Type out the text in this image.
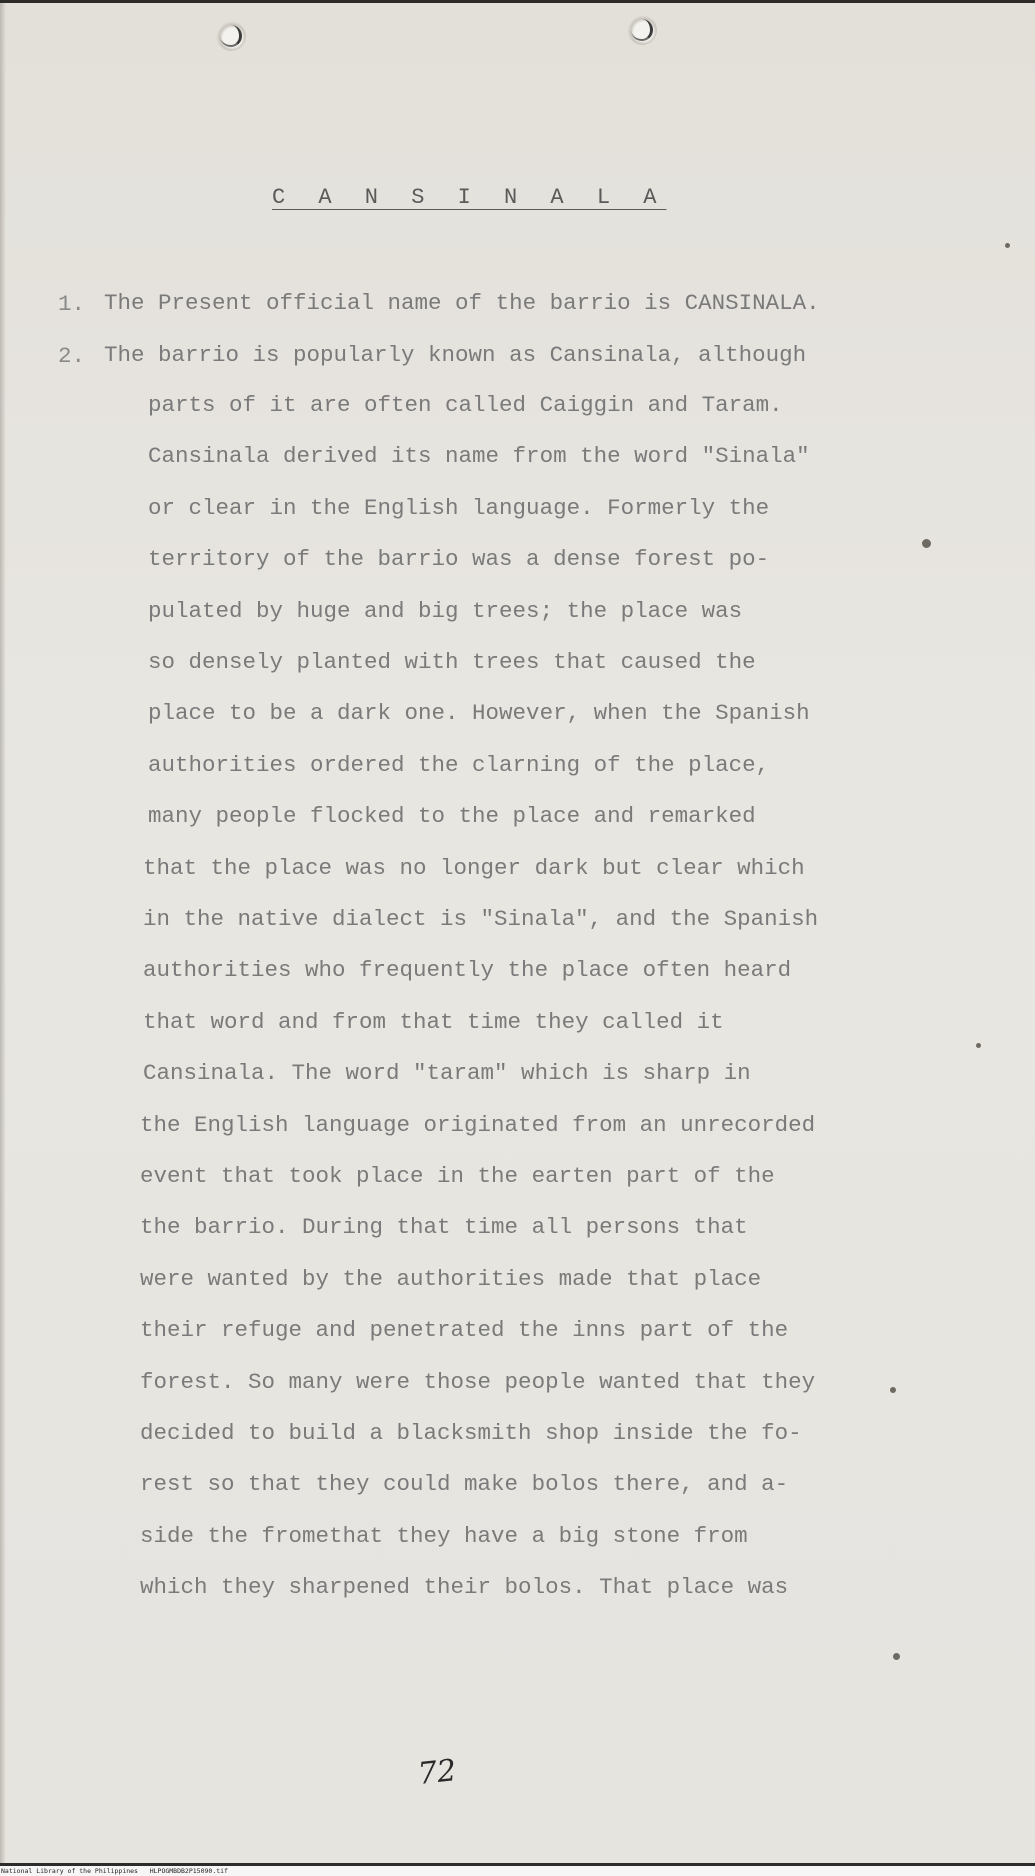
C A N S I N A L A
1. The Present official name of the barrio is CANSINALA.
2. The barrio is popularly known as Cansinala, although
parts of it are often called Caiggin and Taram.
Cansinala derived its name from the word "Sinala"
or clear in the English language. Formerly the
territory of the barrio was a dense forest po-
pulated by huge and big trees; the place was
so densely planted with trees that caused the
place to be a dark one. However, when the Spanish
authorities ordered the clarning of the place,
many people flocked to the place and remarked
that the place was no longer dark but clear which
in the native dialect is "Sinala", and the Spanish
authorities who frequently the place often heard
that word and from that time they called it
Cansinala. The word "taram" which is sharp in
the English language originated from an unrecorded
event that took place in the earten part of the
the barrio. During that time all persons that
were wanted by the authorities made that place
their refuge and penetrated the inns part of the
forest. So many were those people wanted that they
decided to build a blacksmith shop inside the fo-
rest so that they could make bolos there, and a-
side the fromethat they have a big stone from
which they sharpened their bolos. That place was
72
National Library of the Philippines   HLPOGMBDB2P15090.tif
